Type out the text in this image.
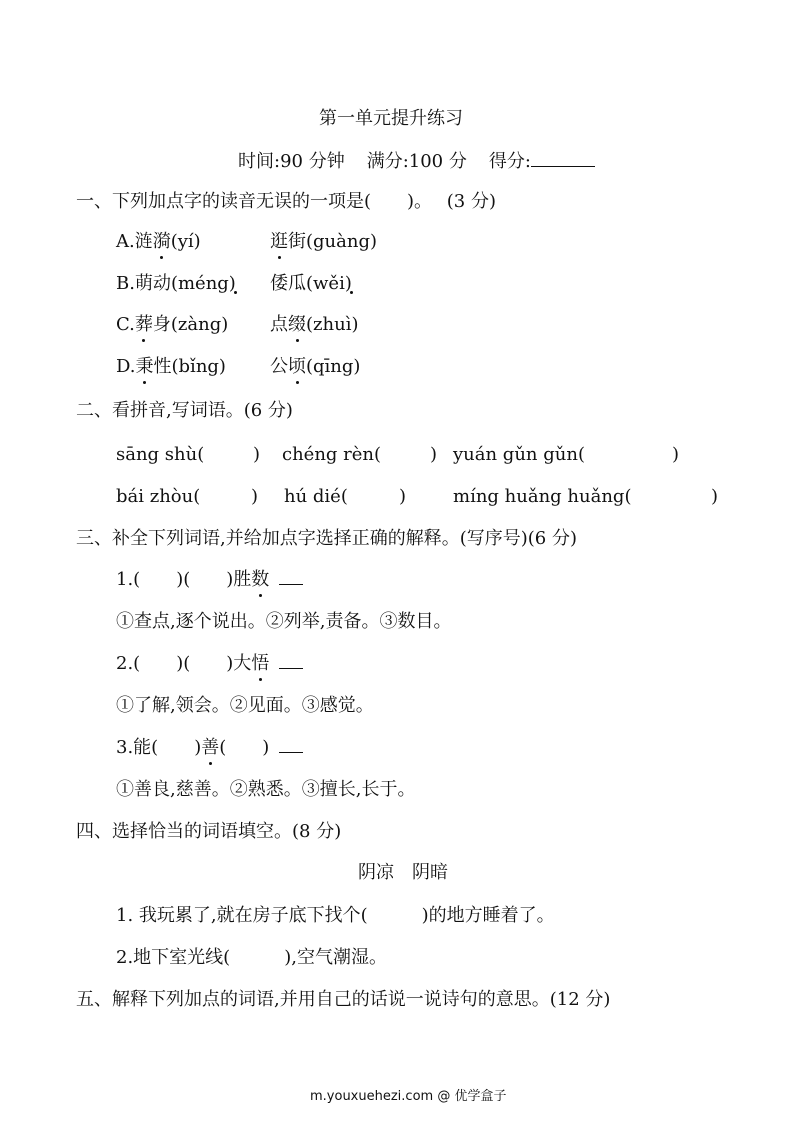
第一单元提升练习
时间:90 分钟 满分:100 分 得分:
一、下列加点字的读音无误的一项是(　　)。　 (3 分)
A.涟漪(yí)	逛街(guàng)
B.萌动(méng) 倭瓜(wěi)
C.葬身(zàng) 点缀(zhuì)
D.秉性(bǐng) 公顷(qīng)
二、看拼音,写词语。(6 分)
sāng shù(	) chéng rèn(	) yuán gǔn gǔn(	)
bái zhòu(	) hú dié(	)	míng huǎng huǎng(	)
三、补全下列词语,并给加点字选择正确的解释。(写序号)(6 分)
1.(　　)(　　)胜数
①查点,逐个说出。②列举,责备。③数目。
2.(　　)(　　)大悟
①了解,领会。②见面。③感觉。
3.能(　　)善(　　)
①善良,慈善。②熟悉。③擅长,长于。
四、选择恰当的词语填空。(8 分)
阴凉　阴暗
1. 我玩累了,就在房子底下找个(　　　)的地方睡着了。
2.地下室光线(　　　),空气潮湿。
五、解释下列加点的词语,并用自己的话说一说诗句的意思。(12 分)
m.youxuehezi.com @ 优学盒子
